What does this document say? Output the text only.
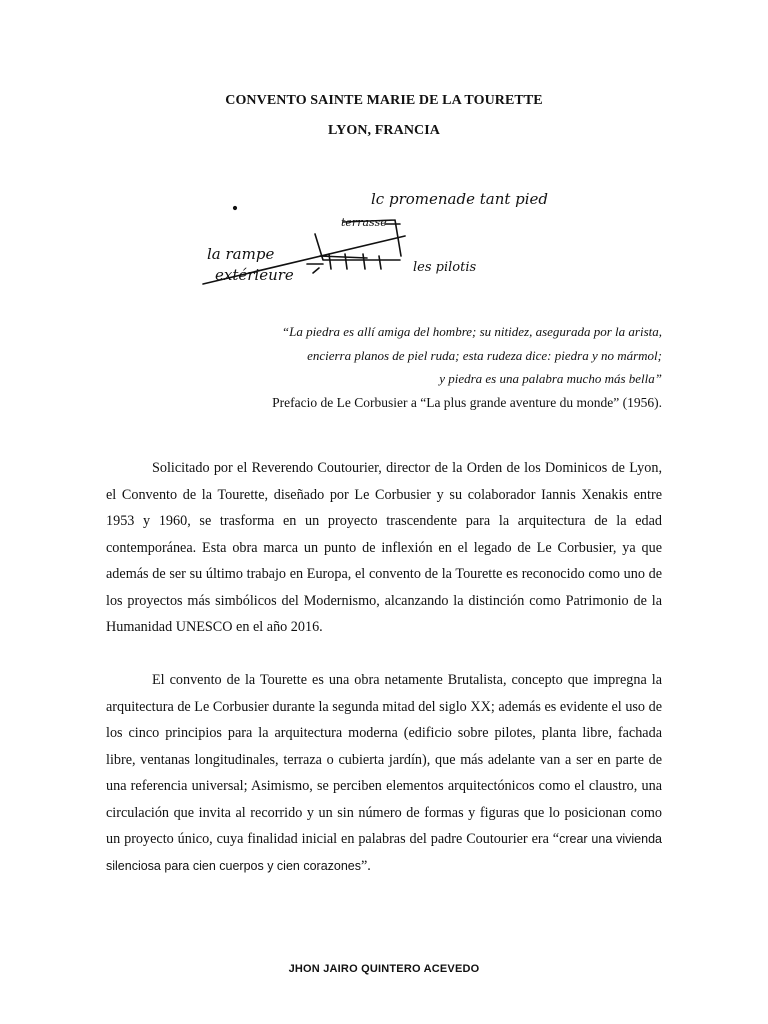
CONVENTO SAINTE MARIE DE LA TOURETTE
LYON, FRANCIA
lc promenade tant pied
terrasse
la rampe
extérieure	les pilotis
“La piedra es allí amiga del hombre; su nitidez, asegurada por la arista,
encierra planos de piel ruda; esta rudeza dice: piedra y no mármol;
y piedra es una palabra mucho más bella”
Prefacio de Le Corbusier a “La plus grande aventure du monde” (1956).

Solicitado por el Reverendo Coutourier, director de la Orden de los Dominicos de Lyon, el Convento de la Tourette, diseñado por Le Corbusier y su colaborador Iannis Xenakis entre 1953 y 1960, se trasforma en un proyecto trascendente para la arquitectura de la edad contemporánea. Esta obra marca un punto de inflexión en el legado de Le Corbusier, ya que además de ser su último trabajo en Europa, el convento de la Tourette es reconocido como uno de los proyectos más simbólicos del Modernismo, alcanzando la distinción como Patrimonio de la Humanidad UNESCO en el año 2016.

El convento de la Tourette es una obra netamente Brutalista, concepto que impregna la arquitectura de Le Corbusier durante la segunda mitad del siglo XX; además es evidente el uso de los cinco principios para la arquitectura moderna (edificio sobre pilotes, planta libre, fachada libre, ventanas longitudinales, terraza o cubierta jardín), que más adelante van a ser en parte de una referencia universal; Asimismo, se perciben elementos arquitectónicos como el claustro, una circulación que invita al recorrido y un sin número de formas y figuras que lo posicionan como un proyecto único, cuya finalidad inicial en palabras del padre Coutourier era “crear una vivienda silenciosa para cien cuerpos y cien corazones”.

JHON JAIRO QUINTERO ACEVEDO
